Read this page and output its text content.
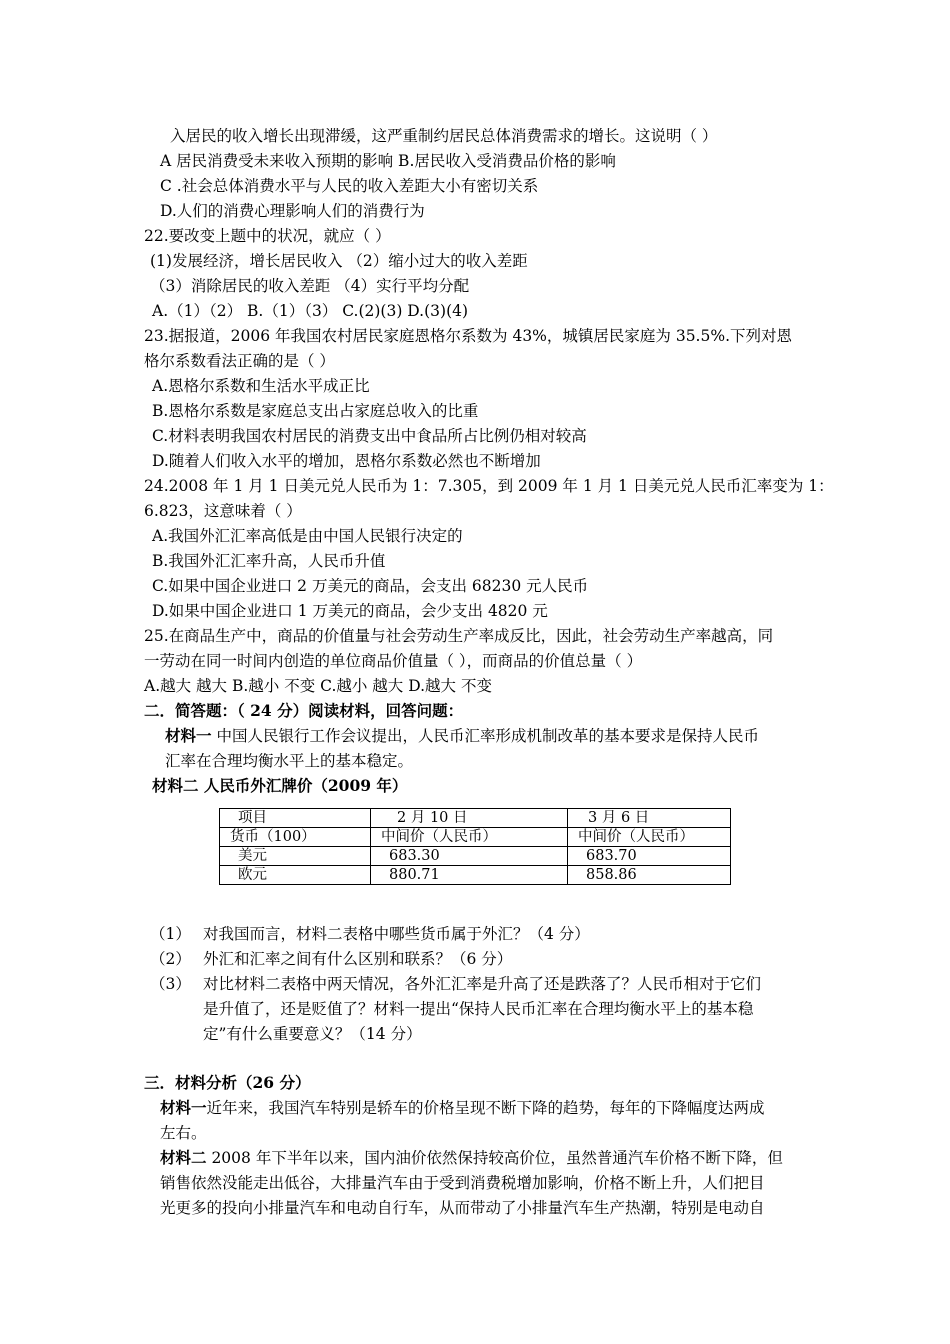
入居民的收入增长出现滞缓，这严重制约居民总体消费需求的增长。这说明（ ）
A 居民消费受未来收入预期的影响 B.居民收入受消费品价格的影响
C .社会总体消费水平与人民的收入差距大小有密切关系
D.人们的消费心理影响人们的消费行为
22.要改变上题中的状况，就应（ ）
(1)发展经济，增长居民收入 （2）缩小过大的收入差距
（3）消除居民的收入差距 （4）实行平均分配
A.（1）（2） B.（1）（3） C.(2)(3) D.(3)(4)
23.据报道，2006 年我国农村居民家庭恩格尔系数为 43%，城镇居民家庭为 35.5%.下列对恩
格尔系数看法正确的是（ ）
A.恩格尔系数和生活水平成正比
B.恩格尔系数是家庭总支出占家庭总收入的比重
C.材料表明我国农村居民的消费支出中食品所占比例仍相对较高
D.随着人们收入水平的增加，恩格尔系数必然也不断增加
24.2008 年 1 月 1 日美元兑人民币为 1：7.305，到 2009 年 1 月 1 日美元兑人民币汇率变为 1：
6.823，这意味着（ ）
A.我国外汇汇率高低是由中国人民银行决定的
B.我国外汇汇率升高，人民币升值
C.如果中国企业进口 2 万美元的商品，会支出 68230 元人民币
D.如果中国企业进口 1 万美元的商品，会少支出 4820 元
25.在商品生产中，商品的价值量与社会劳动生产率成反比，因此，社会劳动生产率越高，同
一劳动在同一时间内创造的单位商品价值量（ ），而商品的价值总量（ ）
A.越大 越大 B.越小 不变 C.越小 越大 D.越大 不变
二．简答题：（ 24 分）阅读材料，回答问题：
材料一 中国人民银行工作会议提出，人民币汇率形成机制改革的基本要求是保持人民币
汇率在合理均衡水平上的基本稳定。
材料二 人民币外汇牌价（2009 年）
项目	2 月 10 日	3 月 6 日
货币（100）	中间价（人民币）	中间价（人民币）
美元	683.30	683.70
欧元	880.71	858.86
（1） 对我国而言，材料二表格中哪些货币属于外汇？（4 分）
（2） 外汇和汇率之间有什么区别和联系？（6 分）
（3） 对比材料二表格中两天情况，各外汇汇率是升高了还是跌落了？人民币相对于它们
是升值了，还是贬值了？材料一提出“保持人民币汇率在合理均衡水平上的基本稳
定”有什么重要意义？（14 分）
三．材料分析（26 分）
材料一近年来，我国汽车特别是轿车的价格呈现不断下降的趋势，每年的下降幅度达两成
左右。
材料二 2008 年下半年以来，国内油价依然保持较高价位，虽然普通汽车价格不断下降，但
销售依然没能走出低谷，大排量汽车由于受到消费税增加影响，价格不断上升，人们把目
光更多的投向小排量汽车和电动自行车，从而带动了小排量汽车生产热潮，特别是电动自
